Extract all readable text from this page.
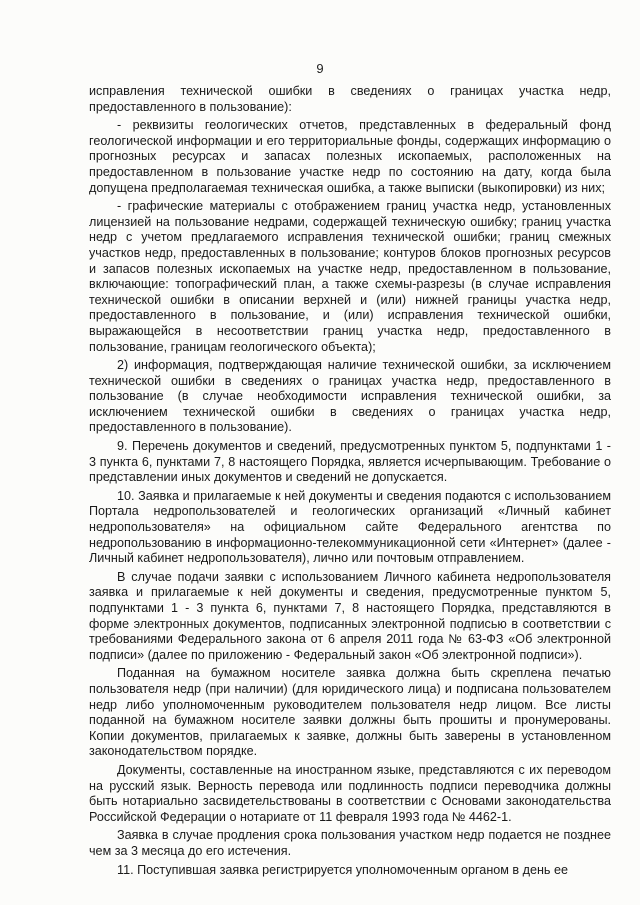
9

исправления технической ошибки в сведениях о границах участка недр, предоставленного в пользование):

- реквизиты геологических отчетов, представленных в федеральный фонд геологической информации и его территориальные фонды, содержащих информацию о прогнозных ресурсах и запасах полезных ископаемых, расположенных на предоставленном в пользование участке недр по состоянию на дату, когда была допущена предполагаемая техническая ошибка, а также выписки (выкопировки) из них;

- графические материалы с отображением границ участка недр, установленных лицензией на пользование недрами, содержащей техническую ошибку; границ участка недр с учетом предлагаемого исправления технической ошибки; границ смежных участков недр, предоставленных в пользование; контуров блоков прогнозных ресурсов и запасов полезных ископаемых на участке недр, предоставленном в пользование, включающие: топографический план, а также схемы-разрезы (в случае исправления технической ошибки в описании верхней и (или) нижней границы участка недр, предоставленного в пользование, и (или) исправления технической ошибки, выражающейся в несоответствии границ участка недр, предоставленного в пользование, границам геологического объекта);

2) информация, подтверждающая наличие технической ошибки, за исключением технической ошибки в сведениях о границах участка недр, предоставленного в пользование (в случае необходимости исправления технической ошибки, за исключением технической ошибки в сведениях о границах участка недр, предоставленного в пользование).

9. Перечень документов и сведений, предусмотренных пунктом 5, подпунктами 1 - 3 пункта 6, пунктами 7, 8 настоящего Порядка, является исчерпывающим. Требование о представлении иных документов и сведений не допускается.

10. Заявка и прилагаемые к ней документы и сведения подаются с использованием Портала недропользователей и геологических организаций «Личный кабинет недропользователя» на официальном сайте Федерального агентства по недропользованию в информационно-телекоммуникационной сети «Интернет» (далее - Личный кабинет недропользователя), лично или почтовым отправлением.

В случае подачи заявки с использованием Личного кабинета недропользователя заявка и прилагаемые к ней документы и сведения, предусмотренные пунктом 5, подпунктами 1 - 3 пункта 6, пунктами 7, 8 настоящего Порядка, представляются в форме электронных документов, подписанных электронной подписью в соответствии с требованиями Федерального закона от 6 апреля 2011 года № 63-ФЗ «Об электронной подписи» (далее по приложению - Федеральный закон «Об электронной подписи»).

Поданная на бумажном носителе заявка должна быть скреплена печатью пользователя недр (при наличии) (для юридического лица) и подписана пользователем недр либо уполномоченным руководителем пользователя недр лицом. Все листы поданной на бумажном носителе заявки должны быть прошиты и пронумерованы. Копии документов, прилагаемых к заявке, должны быть заверены в установленном законодательством порядке.

Документы, составленные на иностранном языке, представляются с их переводом на русский язык. Верность перевода или подлинность подписи переводчика должны быть нотариально засвидетельствованы в соответствии с Основами законодательства Российской Федерации о нотариате от 11 февраля 1993 года № 4462-1.

Заявка в случае продления срока пользования участком недр подается не позднее чем за 3 месяца до его истечения.

11. Поступившая заявка регистрируется уполномоченным органом в день ее
